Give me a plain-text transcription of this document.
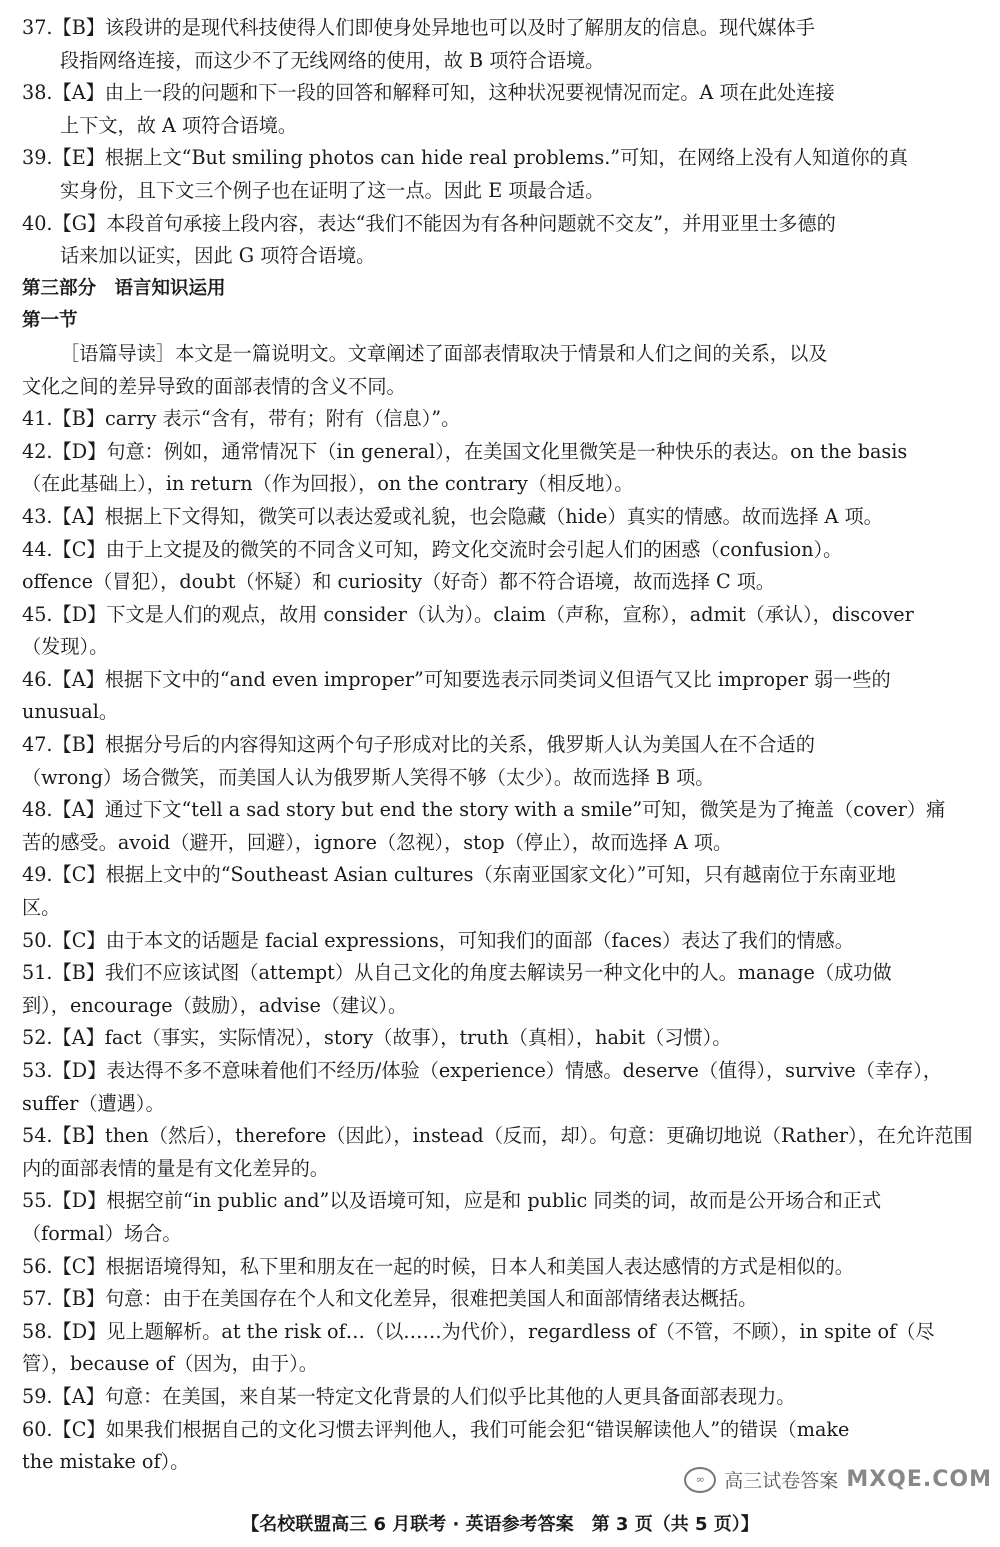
37.【B】该段讲的是现代科技使得人们即使身处异地也可以及时了解朋友的信息。现代媒体手
段指网络连接，而这少不了无线网络的使用，故 B 项符合语境。
38.【A】由上一段的问题和下一段的回答和解释可知，这种状况要视情况而定。A 项在此处连接
上下文，故 A 项符合语境。
39.【E】根据上文“But smiling photos can hide real problems.”可知，在网络上没有人知道你的真
实身份，且下文三个例子也在证明了这一点。因此 E 项最合适。
40.【G】本段首句承接上段内容，表达“我们不能因为有各种问题就不交友”，并用亚里士多德的
话来加以证实，因此 G 项符合语境。
第三部分　语言知识运用
第一节
［语篇导读］本文是一篇说明文。文章阐述了面部表情取决于情景和人们之间的关系，以及
文化之间的差异导致的面部表情的含义不同。
41.【B】carry 表示“含有，带有；附有（信息）”。
42.【D】句意：例如，通常情况下（in general），在美国文化里微笑是一种快乐的表达。on the basis
（在此基础上），in return（作为回报），on the contrary（相反地）。
43.【A】根据上下文得知，微笑可以表达爱或礼貌，也会隐藏（hide）真实的情感。故而选择 A 项。
44.【C】由于上文提及的微笑的不同含义可知，跨文化交流时会引起人们的困惑（confusion）。
offence（冒犯），doubt（怀疑）和 curiosity（好奇）都不符合语境，故而选择 C 项。
45.【D】下文是人们的观点，故用 consider（认为）。claim（声称，宣称），admit（承认），discover
（发现）。
46.【A】根据下文中的“and even improper”可知要选表示同类词义但语气又比 improper 弱一些的
unusual。
47.【B】根据分号后的内容得知这两个句子形成对比的关系，俄罗斯人认为美国人在不合适的
（wrong）场合微笑，而美国人认为俄罗斯人笑得不够（太少）。故而选择 B 项。
48.【A】通过下文“tell a sad story but end the story with a smile”可知，微笑是为了掩盖（cover）痛
苦的感受。avoid（避开，回避），ignore（忽视），stop（停止），故而选择 A 项。
49.【C】根据上文中的“Southeast Asian cultures（东南亚国家文化）”可知，只有越南位于东南亚地
区。
50.【C】由于本文的话题是 facial expressions，可知我们的面部（faces）表达了我们的情感。
51.【B】我们不应该试图（attempt）从自己文化的角度去解读另一种文化中的人。manage（成功做
到），encourage（鼓励），advise（建议）。
52.【A】fact（事实，实际情况），story（故事），truth（真相），habit（习惯）。
53.【D】表达得不多不意味着他们不经历/体验（experience）情感。deserve（值得），survive（幸存），
suffer（遭遇）。
54.【B】then（然后），therefore（因此），instead（反而，却）。句意：更确切地说（Rather），在允许范围
内的面部表情的量是有文化差异的。
55.【D】根据空前“in public and”以及语境可知，应是和 public 同类的词，故而是公开场合和正式
（formal）场合。
56.【C】根据语境得知，私下里和朋友在一起的时候，日本人和美国人表达感情的方式是相似的。
57.【B】句意：由于在美国存在个人和文化差异，很难把美国人和面部情绪表达概括。
58.【D】见上题解析。at the risk of…（以……为代价），regardless of（不管，不顾），in spite of（尽
管），because of（因为，由于）。
59.【A】句意：在美国，来自某一特定文化背景的人们似乎比其他的人更具备面部表现力。
60.【C】如果我们根据自己的文化习惯去评判他人，我们可能会犯“错误解读他人”的错误（make
the mistake of）。
∞	高三试卷答案 MXQE.COM
【名校联盟高三 6 月联考 · 英语参考答案　第 3 页（共 5 页）】
